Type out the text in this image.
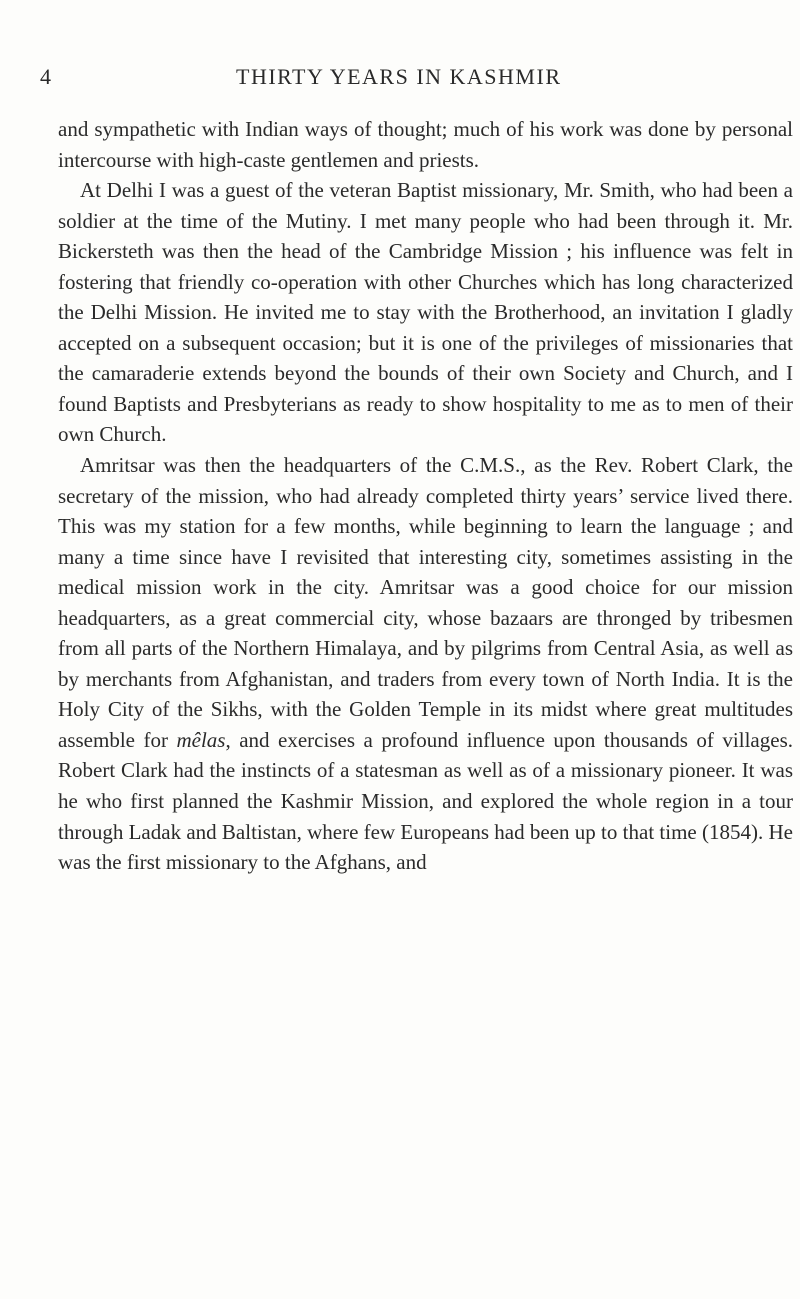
4	THIRTY YEARS IN KASHMIR

and sympathetic with Indian ways of thought; much of his work was done by personal intercourse with high-caste gentlemen and priests.

At Delhi I was a guest of the veteran Baptist missionary, Mr. Smith, who had been a soldier at the time of the Mutiny. I met many people who had been through it. Mr. Bickersteth was then the head of the Cambridge Mission ; his influence was felt in fostering that friendly co-operation with other Churches which has long characterized the Delhi Mission. He invited me to stay with the Brotherhood, an invitation I gladly accepted on a subsequent occasion; but it is one of the privileges of missionaries that the camaraderie extends beyond the bounds of their own Society and Church, and I found Baptists and Presbyterians as ready to show hospitality to me as to men of their own Church.

Amritsar was then the headquarters of the C.M.S., as the Rev. Robert Clark, the secretary of the mission, who had already completed thirty years’ service lived there. This was my station for a few months, while beginning to learn the language ; and many a time since have I revisited that interesting city, sometimes assisting in the medical mission work in the city. Amritsar was a good choice for our mission headquarters, as a great commercial city, whose bazaars are thronged by tribesmen from all parts of the Northern Himalaya, and by pilgrims from Central Asia, as well as by merchants from Afghanistan, and traders from every town of North India. It is the Holy City of the Sikhs, with the Golden Temple in its midst where great multitudes assemble for mêlas, and exercises a profound influence upon thousands of villages. Robert Clark had the instincts of a statesman as well as of a missionary pioneer. It was he who first planned the Kashmir Mission, and explored the whole region in a tour through Ladak and Baltistan, where few Europeans had been up to that time (1854). He was the first missionary to the Afghans, and
